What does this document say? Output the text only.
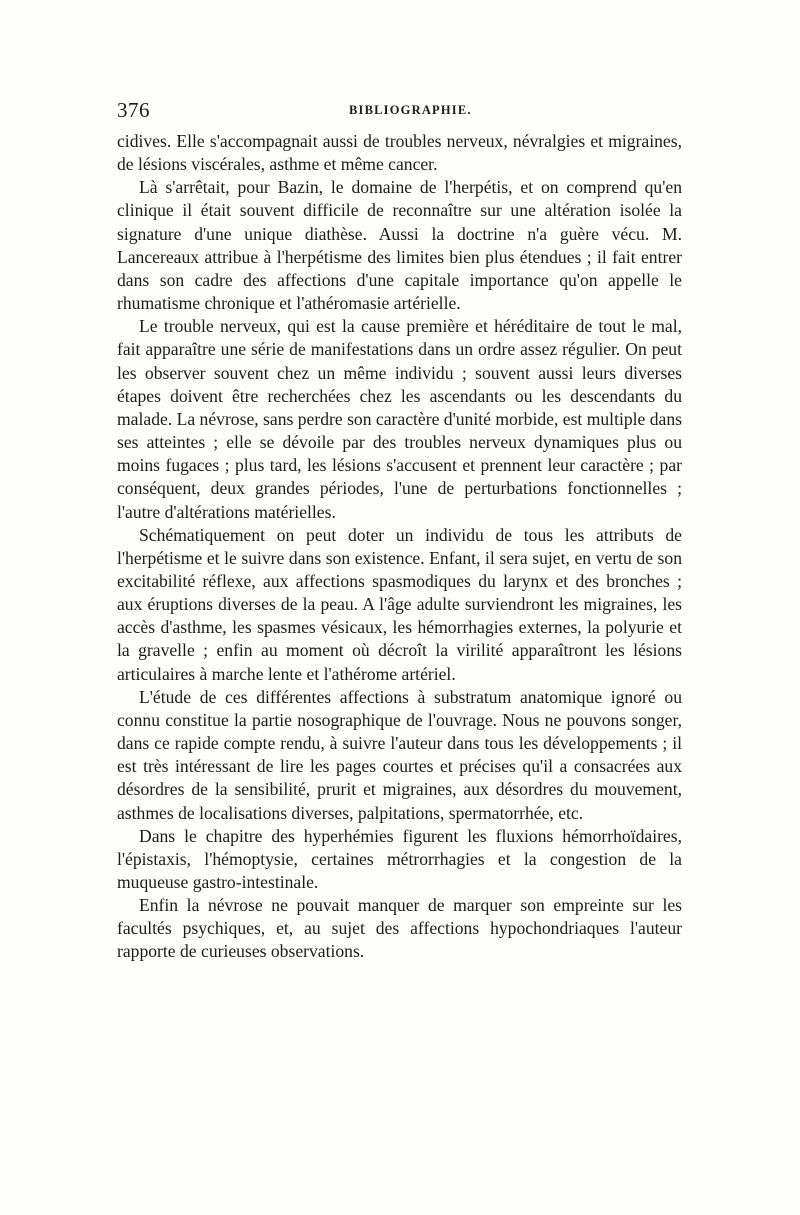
376	BIBLIOGRAPHIE.

cidives. Elle s'accompagnait aussi de troubles nerveux, névralgies et migraines, de lésions viscérales, asthme et même cancer.

Là s'arrêtait, pour Bazin, le domaine de l'herpétis, et on comprend qu'en clinique il était souvent difficile de reconnaître sur une altération isolée la signature d'une unique diathèse. Aussi la doctrine n'a guère vécu. M. Lancereaux attribue à l'herpétisme des limites bien plus étendues ; il fait entrer dans son cadre des affections d'une capitale importance qu'on appelle le rhumatisme chronique et l'athéromasie artérielle.

Le trouble nerveux, qui est la cause première et héréditaire de tout le mal, fait apparaître une série de manifestations dans un ordre assez régulier. On peut les observer souvent chez un même individu ; souvent aussi leurs diverses étapes doivent être recherchées chez les ascendants ou les descendants du malade. La névrose, sans perdre son caractère d'unité morbide, est multiple dans ses atteintes ; elle se dévoile par des troubles nerveux dynamiques plus ou moins fugaces ; plus tard, les lésions s'accusent et prennent leur caractère ; par conséquent, deux grandes périodes, l'une de perturbations fonctionnelles ; l'autre d'altérations matérielles.

Schématiquement on peut doter un individu de tous les attributs de l'herpétisme et le suivre dans son existence. Enfant, il sera sujet, en vertu de son excitabilité réflexe, aux affections spasmodiques du larynx et des bronches ; aux éruptions diverses de la peau. A l'âge adulte surviendront les migraines, les accès d'asthme, les spasmes vésicaux, les hémorrhagies externes, la polyurie et la gravelle ; enfin au moment où décroît la virilité apparaîtront les lésions articulaires à marche lente et l'athérome artériel.

L'étude de ces différentes affections à substratum anatomique ignoré ou connu constitue la partie nosographique de l'ouvrage. Nous ne pouvons songer, dans ce rapide compte rendu, à suivre l'auteur dans tous les développements ; il est très intéressant de lire les pages courtes et précises qu'il a consacrées aux désordres de la sensibilité, prurit et migraines, aux désordres du mouvement, asthmes de localisations diverses, palpitations, spermatorrhée, etc.

Dans le chapitre des hyperhémies figurent les fluxions hémorrhoïdaires, l'épistaxis, l'hémoptysie, certaines métrorrhagies et la congestion de la muqueuse gastro-intestinale.

Enfin la névrose ne pouvait manquer de marquer son empreinte sur les facultés psychiques, et, au sujet des affections hypochondriaques l'auteur rapporte de curieuses observations.
